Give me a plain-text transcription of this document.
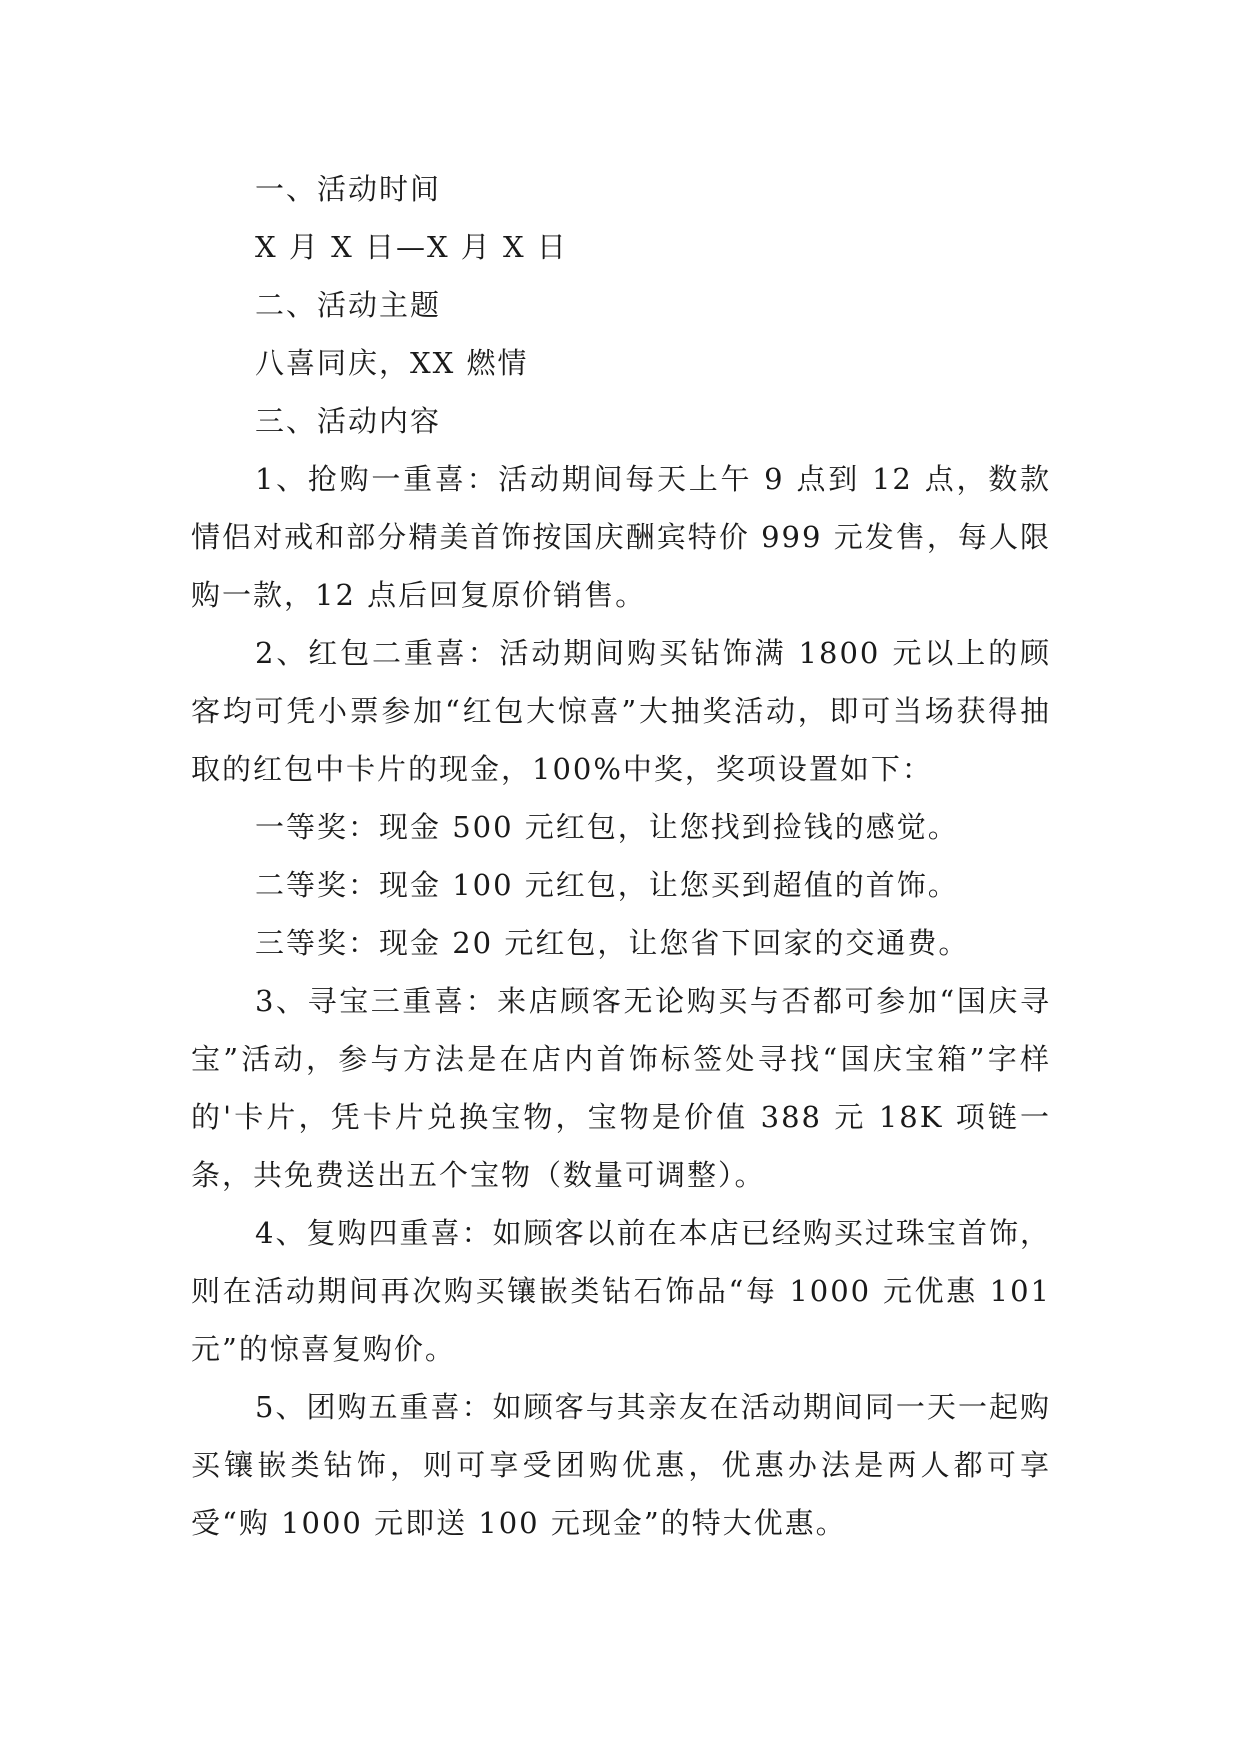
一、活动时间
X 月 X 日—X 月 X 日
二、活动主题
八喜同庆，XX 燃情
三、活动内容

1、抢购一重喜：活动期间每天上午 9 点到 12 点，数款情侣对戒和部分精美首饰按国庆酬宾特价 999 元发售，每人限购一款，12 点后回复原价销售。

2、红包二重喜：活动期间购买钻饰满 1800 元以上的顾客均可凭小票参加“红包大惊喜”大抽奖活动，即可当场获得抽取的红包中卡片的现金，100%中奖，奖项设置如下：

一等奖：现金 500 元红包，让您找到捡钱的感觉。
二等奖：现金 100 元红包，让您买到超值的首饰。
三等奖：现金 20 元红包，让您省下回家的交通费。

3、寻宝三重喜：来店顾客无论购买与否都可参加“国庆寻宝”活动，参与方法是在店内首饰标签处寻找“国庆宝箱”字样的'卡片，凭卡片兑换宝物，宝物是价值 388 元 18K 项链一条，共免费送出五个宝物（数量可调整）。

4、复购四重喜：如顾客以前在本店已经购买过珠宝首饰，则在活动期间再次购买镶嵌类钻石饰品“每 1000 元优惠 101 元”的惊喜复购价。

5、团购五重喜：如顾客与其亲友在活动期间同一天一起购买镶嵌类钻饰，则可享受团购优惠，优惠办法是两人都可享受“购 1000 元即送 100 元现金”的特大优惠。
